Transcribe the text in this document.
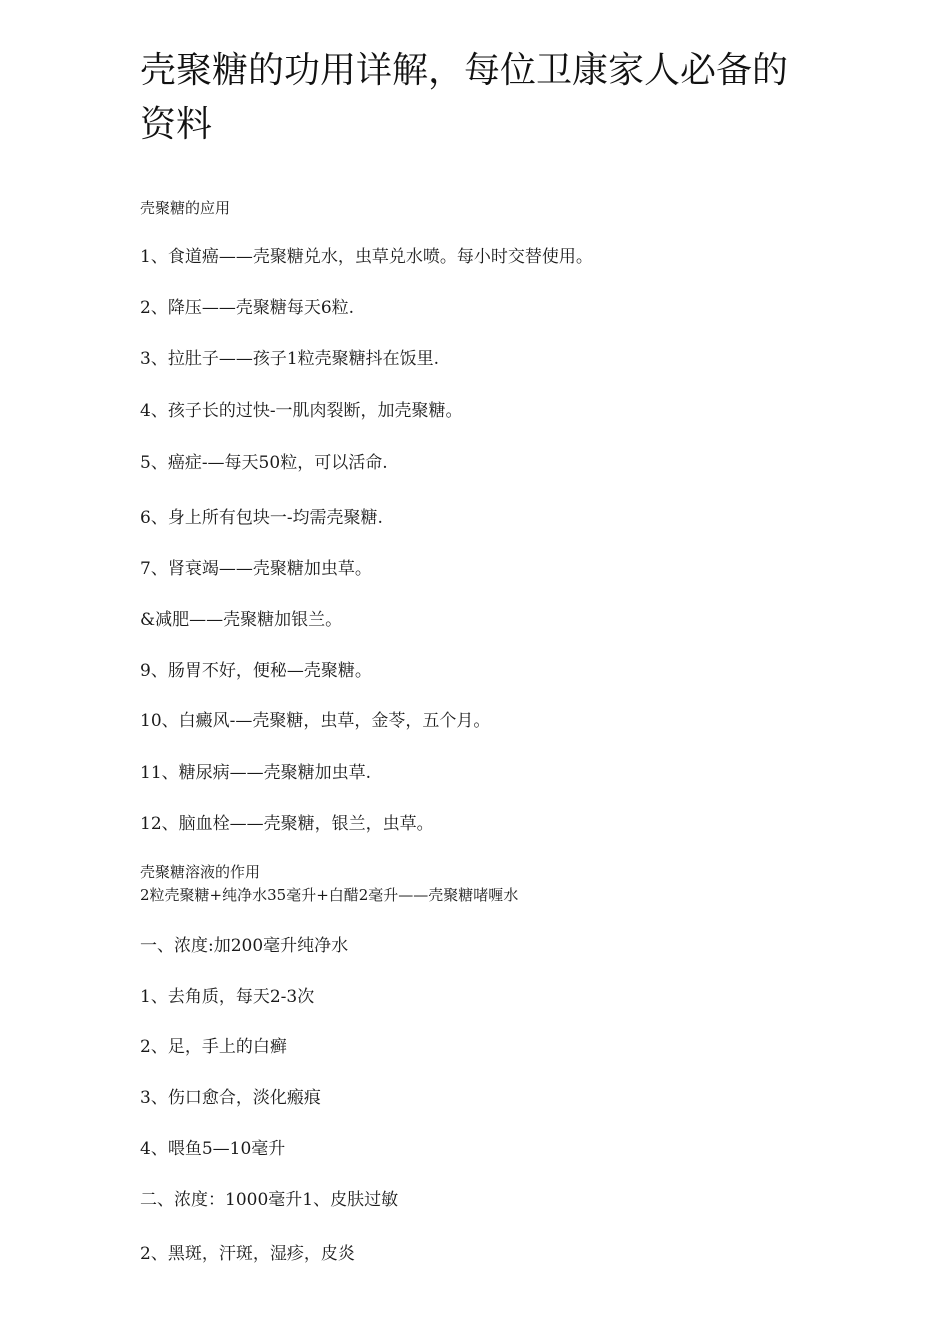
壳聚糖的功用详解，每位卫康家人必备的资料

壳聚糖的应用

1、食道癌——壳聚糖兑水，虫草兑水喷。每小时交替使用。

2、降压——壳聚糖每天6粒.

3、拉肚子——孩子1粒壳聚糖抖在饭里.

4、孩子长的过快-一肌肉裂断，加壳聚糖。

5、癌症-—每天50粒，可以活命.

6、身上所有包块一-均需壳聚糖.

7、肾衰竭——壳聚糖加虫草。

&减肥——壳聚糖加银兰。

9、肠胃不好，便秘—壳聚糖。

10、白癜风-—壳聚糖，虫草，金苓，五个月。

11、糖尿病——壳聚糖加虫草.

12、脑血栓——壳聚糖，银兰，虫草。

壳聚糖溶液的作用

2粒壳聚糖+纯净水35毫升+白醋2毫升——壳聚糖啫喱水

一、浓度:加200毫升纯净水

1、去角质，每天2-3次

2、足，手上的白癣

3、伤口愈合，淡化瘢痕

4、喂鱼5—10毫升

二、浓度：1000毫升1、皮肤过敏

2、黑斑，汗斑，湿疹，皮炎
